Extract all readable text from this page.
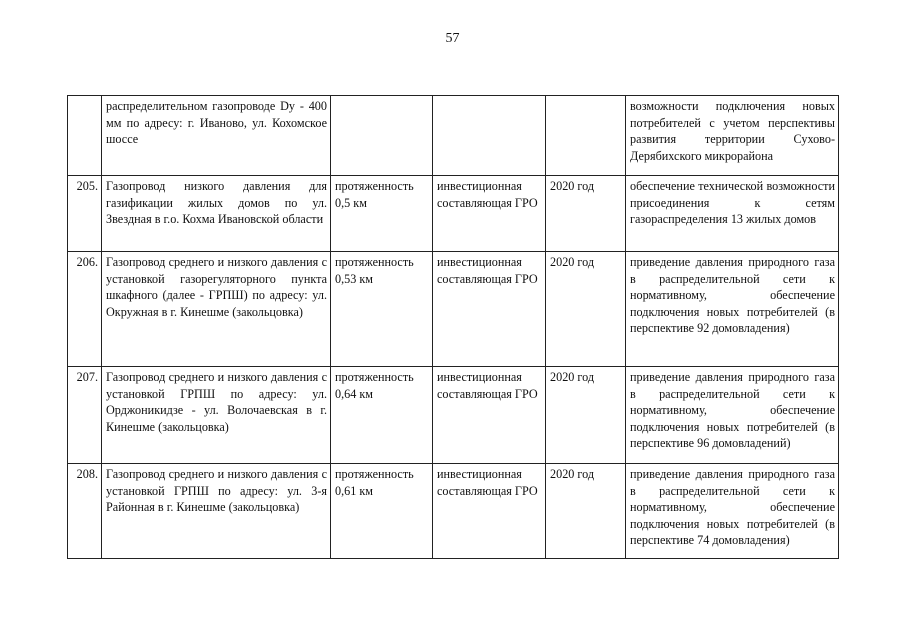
57
	распределительном газопроводе Dу - 400 мм по адресу: г. Иваново, ул. Кохомское шоссе				возможности подключения новых потребителей с учетом перспективы развития территории Сухово-Дерябихского микрорайона
205.	Газопровод низкого давления для газификации жилых домов по ул. Звездная в г.о. Кохма Ивановской области	протяженность 0,5 км	инвестиционная составляющая ГРО	2020 год	обеспечение технической возможности присоединения к сетям газораспределения 13 жилых домов
206.	Газопровод среднего и низкого давления с установкой газорегуляторного пункта шкафного (далее - ГРПШ) по адресу: ул. Окружная в г. Кинешме (закольцовка)	протяженность 0,53 км	инвестиционная составляющая ГРО	2020 год	приведение давления природного газа в распределительной сети к нормативному, обеспечение подключения новых потребителей (в перспективе 92 домовладения)
207.	Газопровод среднего и низкого давления с установкой ГРПШ по адресу: ул. Орджоникидзе - ул. Волочаевская в г. Кинешме (закольцовка)	протяженность 0,64 км	инвестиционная составляющая ГРО	2020 год	приведение давления природного газа в распределительной сети к нормативному, обеспечение подключения новых потребителей (в перспективе 96 домовладений)
208.	Газопровод среднего и низкого давления с установкой ГРПШ по адресу: ул. 3-я Районная в г. Кинешме (закольцовка)	протяженность 0,61 км	инвестиционная составляющая ГРО	2020 год	приведение давления природного газа в распределительной сети к нормативному, обеспечение подключения новых потребителей (в перспективе 74 домовладения)
